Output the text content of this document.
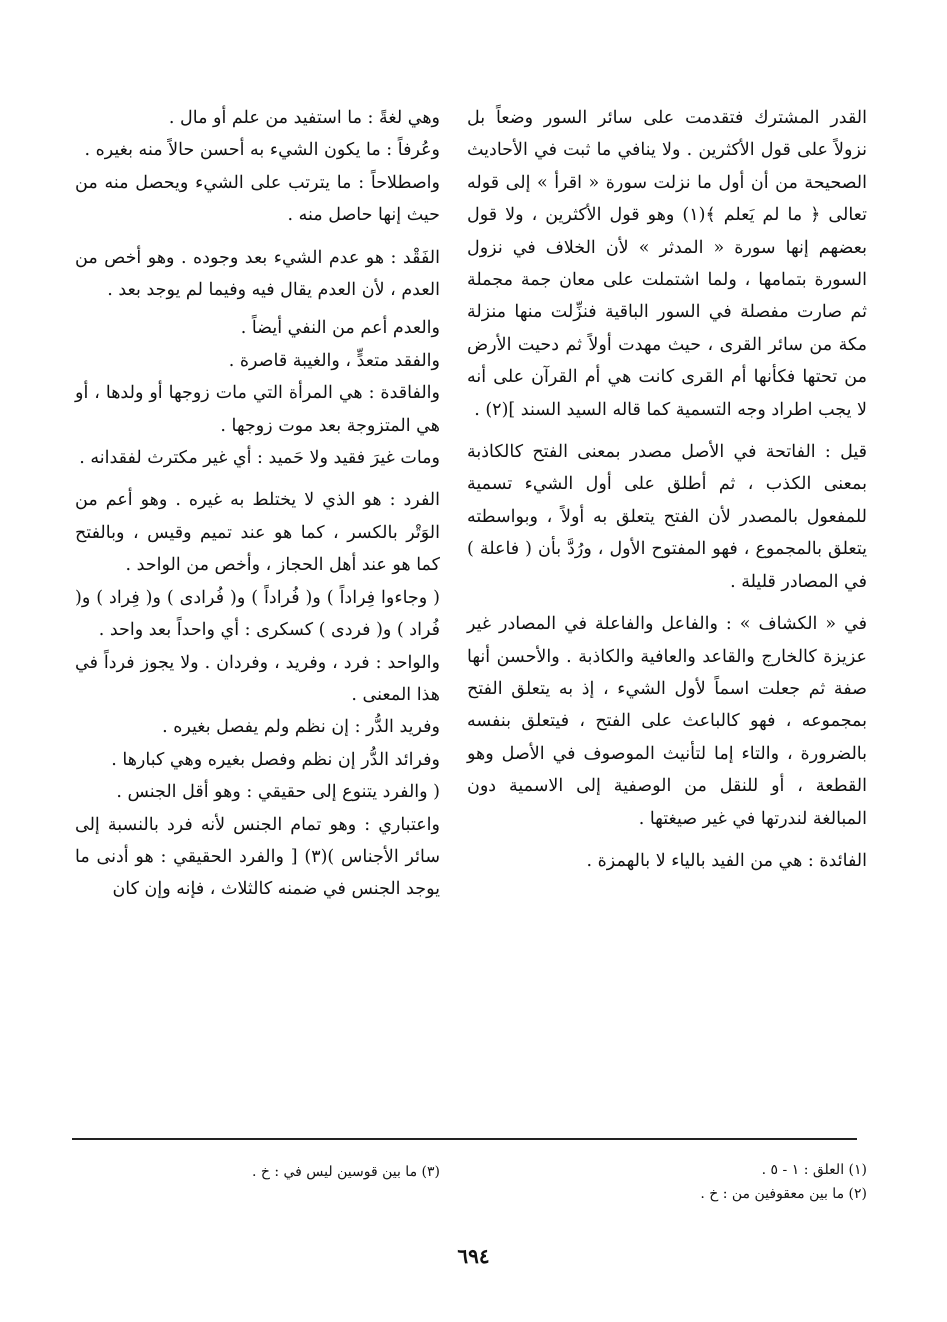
القدر المشترك فتقدمت على سائر السور وضعاً بل نزولاً على قول الأكثرين . ولا ينافي ما ثبت في الأحاديث الصحيحة من أن أول ما نزلت سورة « اقرأ » إلى قوله تعالى ﴿ ما لم يَعلم ﴾(١) وهو قول الأكثرين ، ولا قول بعضهم إنها سورة « المدثر » لأن الخلاف في نزول السورة بتمامها ، ولما اشتملت على معان جمة مجملة ثم صارت مفصلة في السور الباقية فنزِّلت منها منزلة مكة من سائر القرى ، حيث مهدت أولاً ثم دحيت الأرض من تحتها فكأنها أم القرى كانت هي أم القرآن على أنه لا يجب اطراد وجه التسمية كما قاله السيد السند ](٢) .

قيل : الفاتحة في الأصل مصدر بمعنى الفتح كالكاذبة بمعنى الكذب ، ثم أطلق على أول الشيء تسمية للمفعول بالمصدر لأن الفتح يتعلق به أولاً ، وبواسطته يتعلق بالمجموع ، فهو المفتوح الأول ، ورُدَّ بأن ( فاعلة ) في المصادر قليلة .

في « الكشاف » : والفاعل والفاعلة في المصادر غير عزيزة كالخارج والقاعد والعافية والكاذبة . والأحسن أنها صفة ثم جعلت اسماً لأول الشيء ، إذ به يتعلق الفتح بمجموعه ، فهو كالباعث على الفتح ، فيتعلق بنفسه بالضرورة ، والتاء إما لتأنيث الموصوف في الأصل وهو القطعة ، أو للنقل من الوصفية إلى الاسمية دون المبالغة لندرتها في غير صيغتها .

الفائدة : هي من الفيد بالياء لا بالهمزة .

وهي لغةً : ما استفيد من علم أو مال .

وعُرفاً : ما يكون الشيء به أحسن حالاً منه بغيره .

واصطلاحاً : ما يترتب على الشيء ويحصل منه من حيث إنها حاصل منه .

الفَقْد : هو عدم الشيء بعد وجوده . وهو أخص من العدم ، لأن العدم يقال فيه وفيما لم يوجد بعد .

والعدم أعم من النفي أيضاً .

والفقد متعدٍّ ، والغيبة قاصرة .

والفاقدة : هي المرأة التي مات زوجها أو ولدها ، أو هي المتزوجة بعد موت زوجها .

ومات غيرَ فقيد ولا حَميد : أي غير مكترث لفقدانه .

الفرد : هو الذي لا يختلط به غيره . وهو أعم من الوَتْر بالكسر ، كما هو عند تميم وقيس ، وبالفتح كما هو عند أهل الحجاز ، وأخص من الواحد .

( وجاءوا فِراداً ) و( فُراداً ) و( فُرادى ) و( فِراد ) و( فُراد ) و( فردى ) كسكرى : أي واحداً بعد واحد .

والواحد : فرد ، وفريد ، وفردان . ولا يجوز فرداً في هذا المعنى .

وفريد الدُّر : إن نظم ولم يفصل بغيره .

وفرائد الدُّر إن نظم وفصل بغيره وهي كبارها .

( والفرد يتنوع إلى حقيقي : وهو أقل الجنس .

واعتباري : وهو تمام الجنس لأنه فرد بالنسبة إلى سائر الأجناس )(٣) [ والفرد الحقيقي : هو أدنى ما يوجد الجنس في ضمنه كالثلاث ، فإنه وإن كان

(١) العلق : ١ - ٥ .

(٢) ما بين معقوفين من : خ .

(٣) ما بين قوسين ليس في : خ .

٦٩٤
